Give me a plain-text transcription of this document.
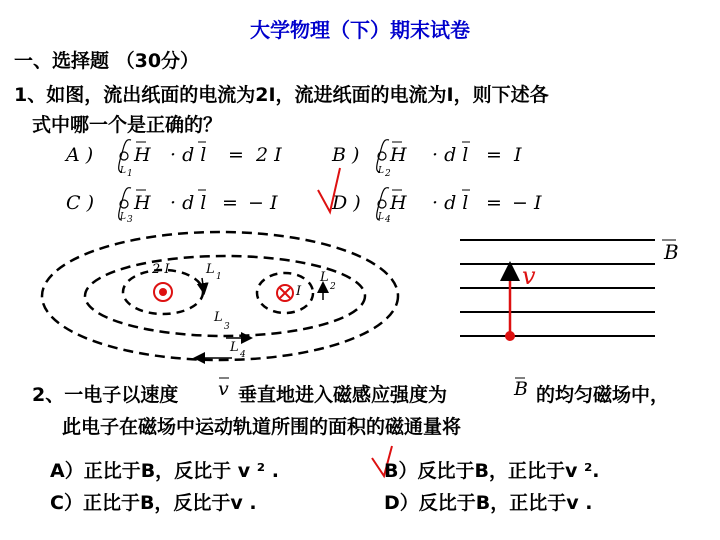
大学物理（下）期末试卷
一、选择题 （30分）
1、如图，流出纸面的电流为2I，流进纸面的电流为I，则下述各
式中哪一个是正确的？
A ) H · d l = 2 I
L 1
B ) H · d l = I
L 2
C ) H · d l = − I
L 3
D ) H · d l = − I
L 4
2 I	L 1
I
L
2
L
3
L 4
B
v
2、一电子以速度 v 垂直地进入磁感应强度为	B 的均匀磁场中，
此电子在磁场中运动轨道所围的面积的磁通量将
A）正比于B，反比于 v ² .	B）反比于B，正比于v ².
C）正比于B，反比于v .	D）反比于B，正比于v .
